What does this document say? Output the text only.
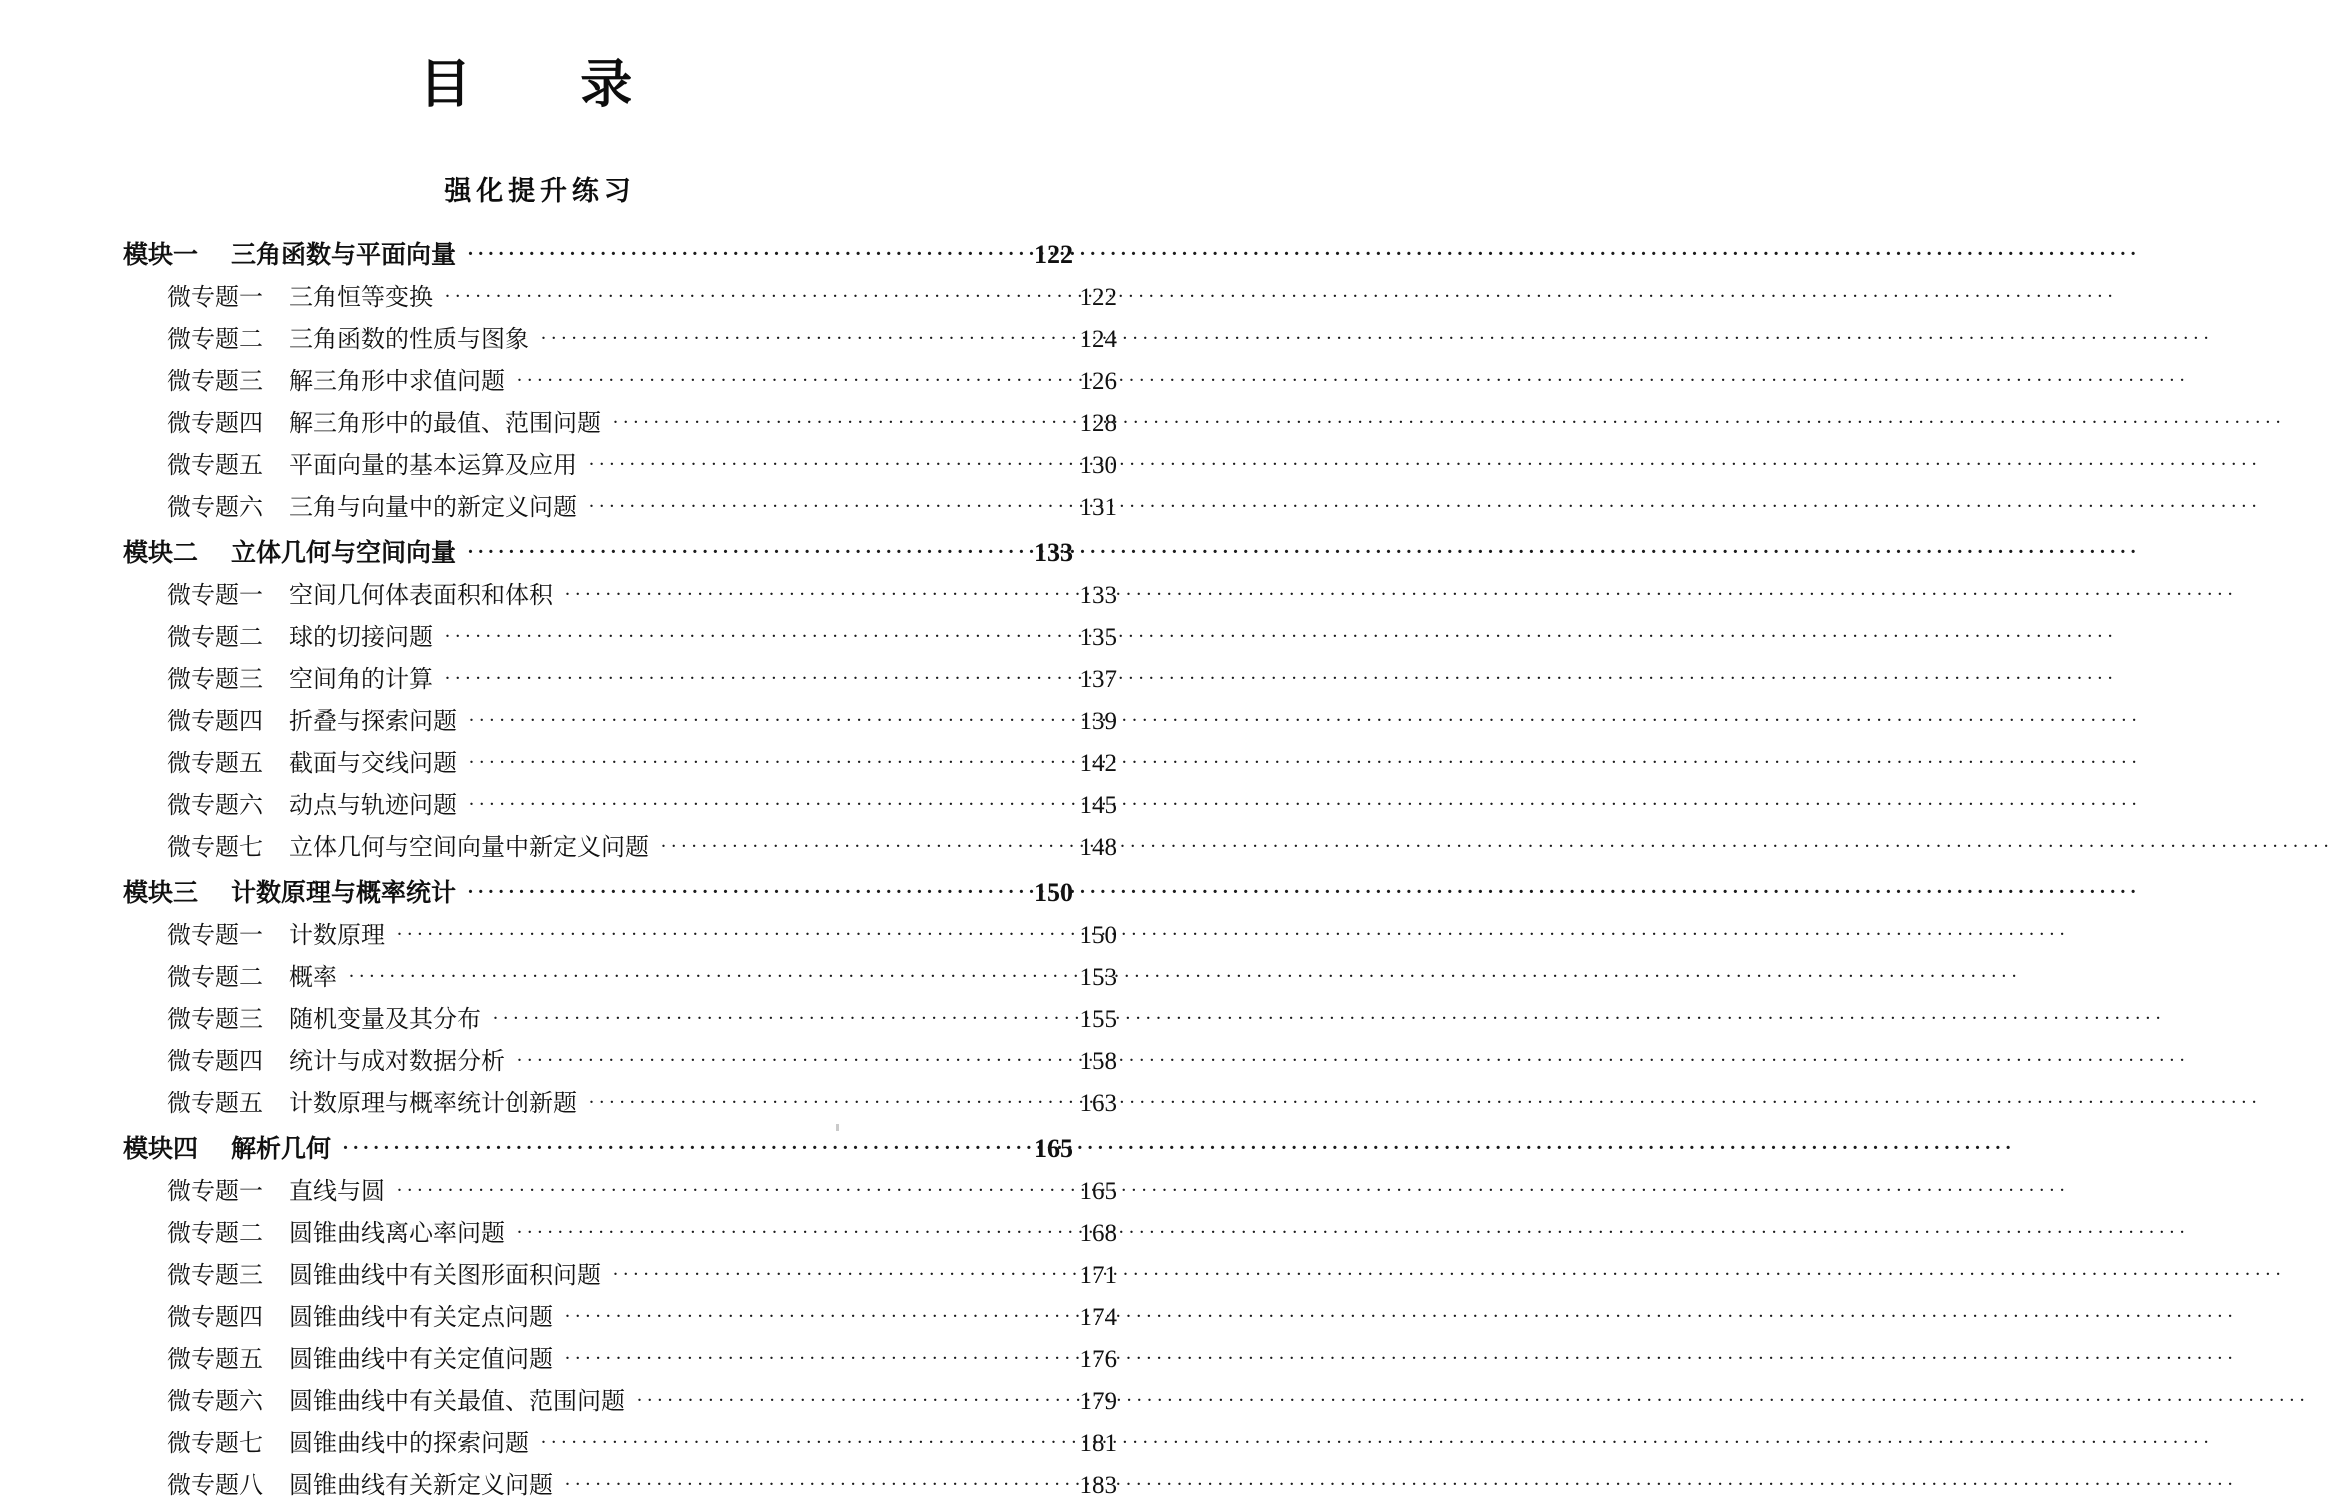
目　录
强化提升练习
模块一	三角函数与平面向量 .....	122
微专题一	三角恒等变换 .....	122
微专题二	三角函数的性质与图象 .....	124
微专题三	解三角形中求值问题 .....	126
微专题四	解三角形中的最值、范围问题 .....	128
微专题五	平面向量的基本运算及应用 .....	130
微专题六	三角与向量中的新定义问题 .....	131
模块二	立体几何与空间向量 .....	133
微专题一	空间几何体表面积和体积 .....	133
微专题二	球的切接问题 .....	135
微专题三	空间角的计算 .....	137
微专题四	折叠与探索问题 .....	139
微专题五	截面与交线问题 .....	142
微专题六	动点与轨迹问题 .....	145
微专题七	立体几何与空间向量中新定义问题 .....	148
模块三	计数原理与概率统计 .....	150
微专题一	计数原理 .....	150
微专题二	概率 .....	153
微专题三	随机变量及其分布 .....	155
微专题四	统计与成对数据分析 .....	158
微专题五	计数原理与概率统计创新题 .....	163
模块四	解析几何 .....	165
微专题一	直线与圆 .....	165
微专题二	圆锥曲线离心率问题 .....	168
微专题三	圆锥曲线中有关图形面积问题 .....	171
微专题四	圆锥曲线中有关定点问题 .....	174
微专题五	圆锥曲线中有关定值问题 .....	176
微专题六	圆锥曲线中有关最值、范围问题 .....	179
微专题七	圆锥曲线中的探索问题 .....	181
微专题八	圆锥曲线有关新定义问题 .....	183
